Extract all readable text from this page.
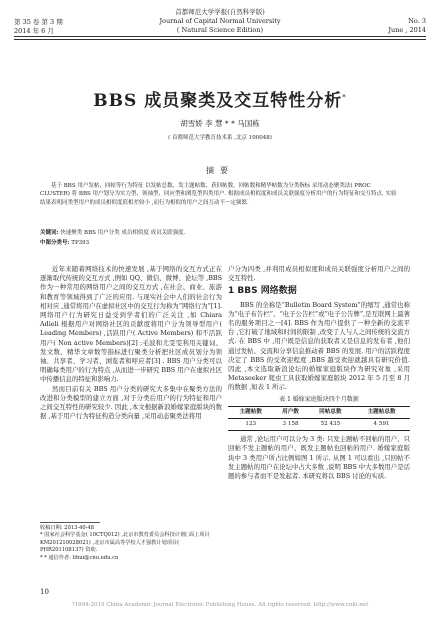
首都师范大学学报(自然科学版)
Journal of Capital Normal University
( Natural Science Edition)
第 35 卷 第 3 期
2014 年 6 月
No. 3
June , 2014
BBS 成员聚类及交互特性分析*
胡雪娇 李 慧 * * 马国栋
( 首都师范大学教育技术系 ,北京 100048)
摘要
基于 BBS 用户发帖、回帖等行为特征 以发帖总数、发主题帖数、获回帖数、回帖数和精华帖数为分类指标 采用动态聚类法( PROC CLUSTER) 将 BBS 用户划分为实力型、领袖型、回应型和浏览型四类用户. 根据成员相似度和成员关联强度分析用户的行为特征和交互特点. 实验结果表明同类型用户的成员相似度值相差较小 ,而行为相似的用户之间互动不一定频繁.
关键词: 快速聚类 BBS 用户分类 成员相似度 成员关联强度.
中图分类号: TP393

近年来随着网络技术的快速发展 ,基于网络的交互方式正在逐渐取代传统的交互方式 ,例如 QQ、微信、微博、论坛等 ,BBS 作为一种常用的网络用户之间的交互方式 ,在社会、商业、旅游和教育等领域得到了广泛的应用. 与现实社会中人们的社会行为相对应 ,通常将用户在虚拟社区中的交互行为称为“网络行为”[1]. 网络用户行为研究日益受到学者们的广泛关注 ,如 Chiara Adieli 根据用户对网络社区的贡献度将用户分为领导型用户( Leading Members) ,活跃用户( Active Members) 和不活跃用户( Non active Members)[2] ;毛波和尤雯雯利用关键词、发文数、精华文章数等指标进行聚类分析把社区成员划分为领袖、共享者、学习者、浏览者和呼应者[3] . BBS 用户分类可以明确每类用户的行为特点 ,从而进一步研究 BBS 用户在虚拟社区中传播信息的特征和影响力.

然而目前有关 BBS 用户分类的研究大多集中在聚类方法的改进和分类模型的建立方面 ,对于分类后用户的行为特征和用户之间交互特性的研究较少. 因此 ,本文根据新浪婚嫁家庭版块的数据 ,基于用户行为特征构造分类向量 ,采用动态聚类法将用

户分为四类 ,并利用成员相似度和成员关联强度分析用户之间的交互特性.

1 BBS 网络数据

BBS 的全称是“Bulletin Board System”的缩写 ,通常也称为“电子布告栏”、“电子公告栏”或“电子公告牌”,是互联网上最著名的服务项目之一[4]. BBS 作为用户提供了一种全新的交流平台 ,它打破了地域和时间的限制 ,改变了人与人之间传统的交流方式. 在 BBS 中 ,用户既是信息的获取者又是信息的发布者 ,他们通过发帖、交流和分享信息推动着 BBS 的发展. 用户的活跃程度决定了 BBS 的受欢迎程度 ,BBS 越受欢迎就越具有研究价值. 因此 ,本文选取新浪论坛的婚嫁家庭版块作为研究对象 ,采用 Metaseeker 爬虫工具获取婚嫁家庭版块 2012 年 5 月至 8 月的数据 ,如表 1 所示.

表 1 婚嫁家庭版块四个月数据
主题帖数	用户数	回帖总数	主题帖总数
123	3 158	52 435	4 591

通常 ,论坛用户可以分为 3 类: 只发主题帖不回帖的用户、只回帖不发主题帖的用户、既发主题帖也回帖的用户. 婚嫁家庭版块中 3 类用户所占比例如图 1 所示. 从图 1 可以看出 ,只回帖不发主题帖的用户在论坛中占大多数 ,说明 BBS 中大多数用户是话题的参与者而不是发起者. 本研究将以 BBS 讨论的实质.

收稿日期: 2013-40-48
* 国家社会科学基金( 10CTQ012) ,北京市教育委员会科技计划( 面上项目 KM201210028021) ,北京市属高等学校人才强教计划项目( PHR201108137) 资助.
* * 通信作者: lihui@cnu.edu.cn
10
?1994-2015 China Academic Journal Electronic Publishing House. All rights reserved. http://www.cnki.net
